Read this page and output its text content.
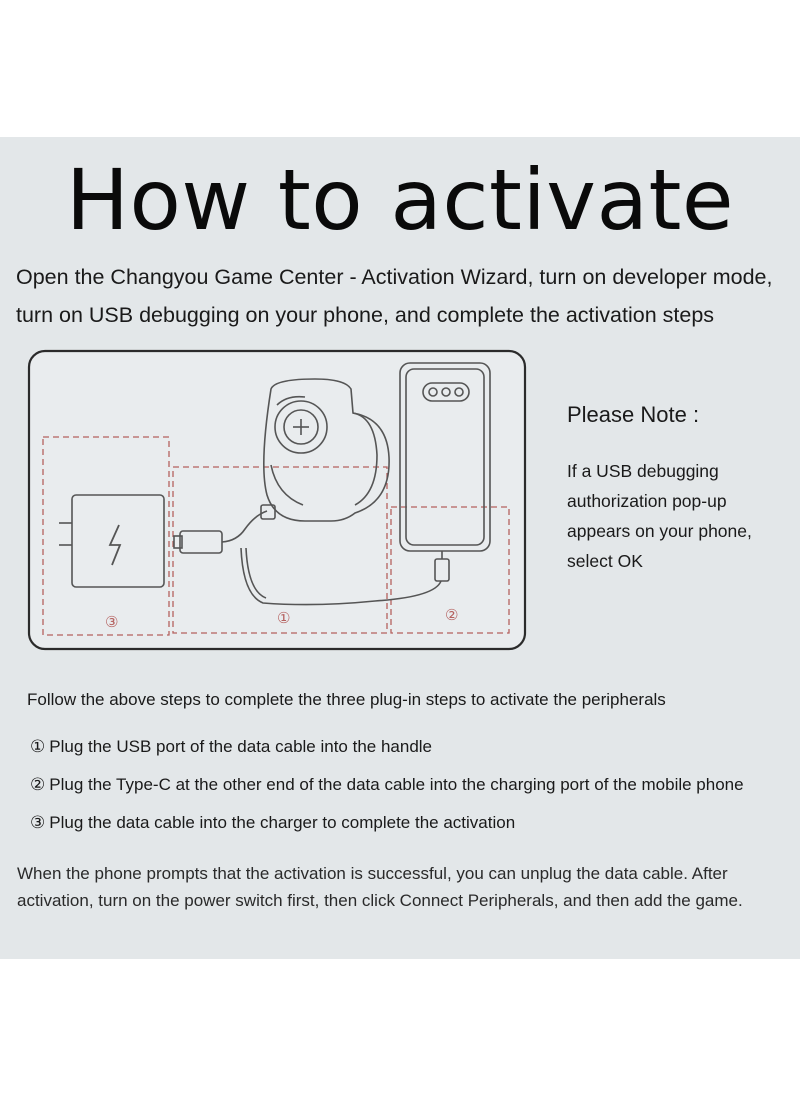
How to activate
Open the Changyou Game Center - Activation Wizard, turn on developer mode, turn on USB debugging on your phone, and complete the activation steps
③	①	②
Please Note :
If a USB debugging authorization pop-up appears on your phone, select OK
Follow the above steps to complete the three plug-in steps to activate the peripherals
① Plug the USB port of the data cable into the handle
② Plug the Type-C at the other end of the data cable into the charging port of the mobile phone
③ Plug the data cable into the charger to complete the activation
When the phone prompts that the activation is successful, you can unplug the data cable. After activation, turn on the power switch first, then click Connect Peripherals, and then add the game.
